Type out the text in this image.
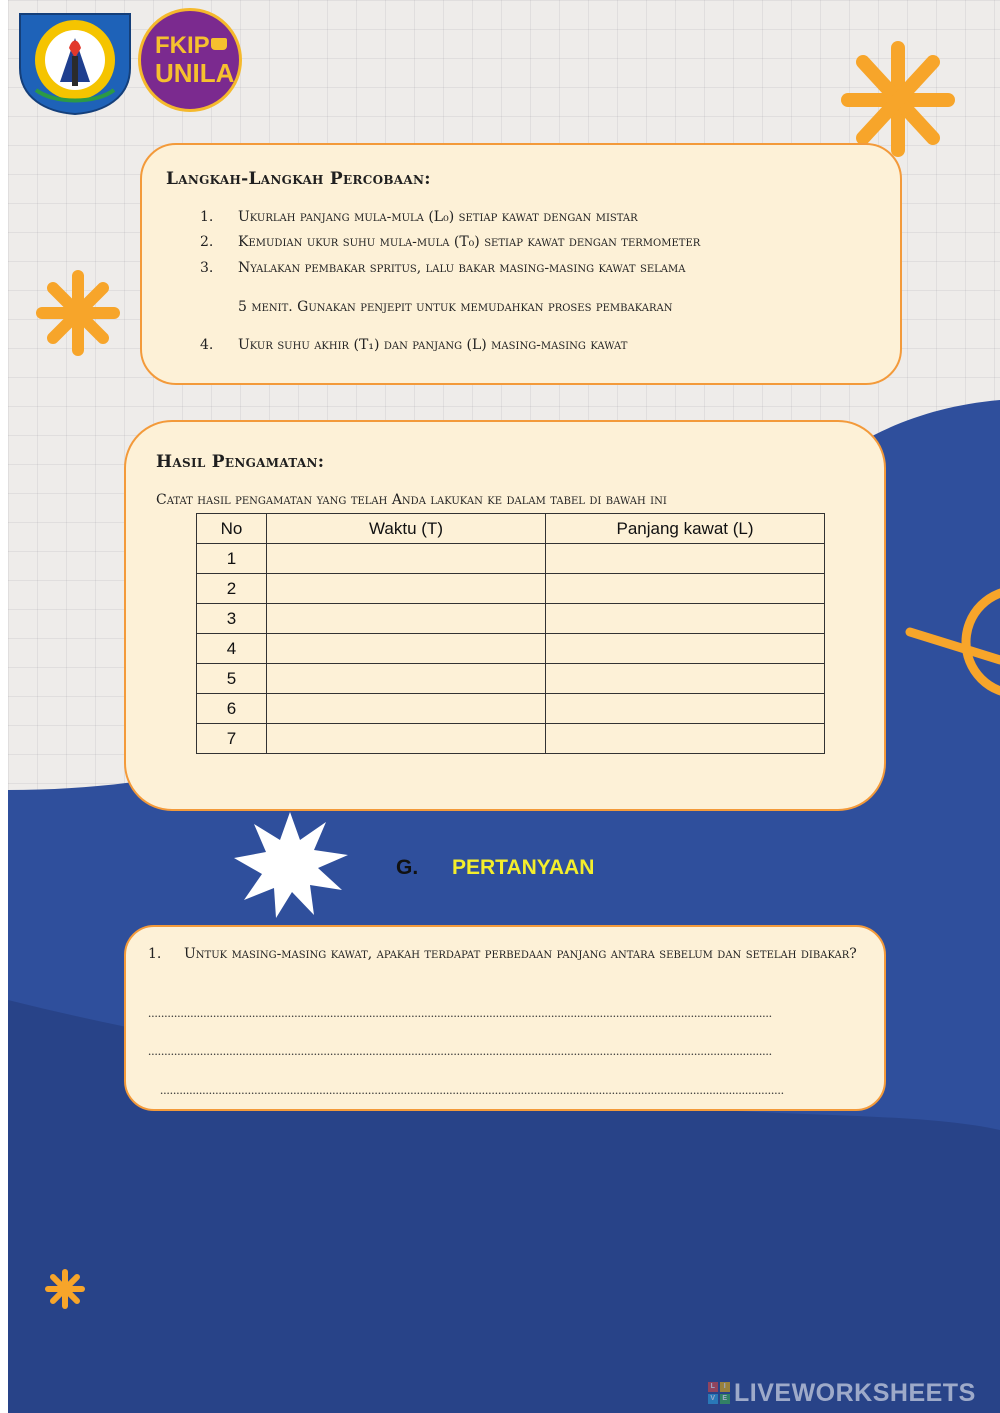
FKIP
UNILA
Langkah-Langkah Percobaan:
1.	Ukurlah panjang mula-mula (L₀) setiap kawat dengan mistar
2.	Kemudian ukur suhu mula-mula (T₀) setiap kawat dengan termometer
3.	Nyalakan pembakar spritus, lalu bakar masing-masing kawat selama
5 menit. Gunakan penjepit untuk memudahkan proses pembakaran
4.	Ukur suhu akhir (T₁) dan panjang (L) masing-masing kawat
Hasil Pengamatan:
Catat hasil pengamatan yang telah Anda lakukan ke dalam tabel di bawah ini
No	Waktu (T)	Panjang kawat (L)
1		
2		
3		
4		
5		
6		
7		
G. PERTANYAAN
1. Untuk masing-masing kawat, apakah terdapat perbedaan panjang antara sebelum dan setelah dibakar?
................................................................................................................................................................................................
................................................................................................................................................................................................
................................................................................................................................................................................................
L	I
V E LIVEWORKSHEETS
